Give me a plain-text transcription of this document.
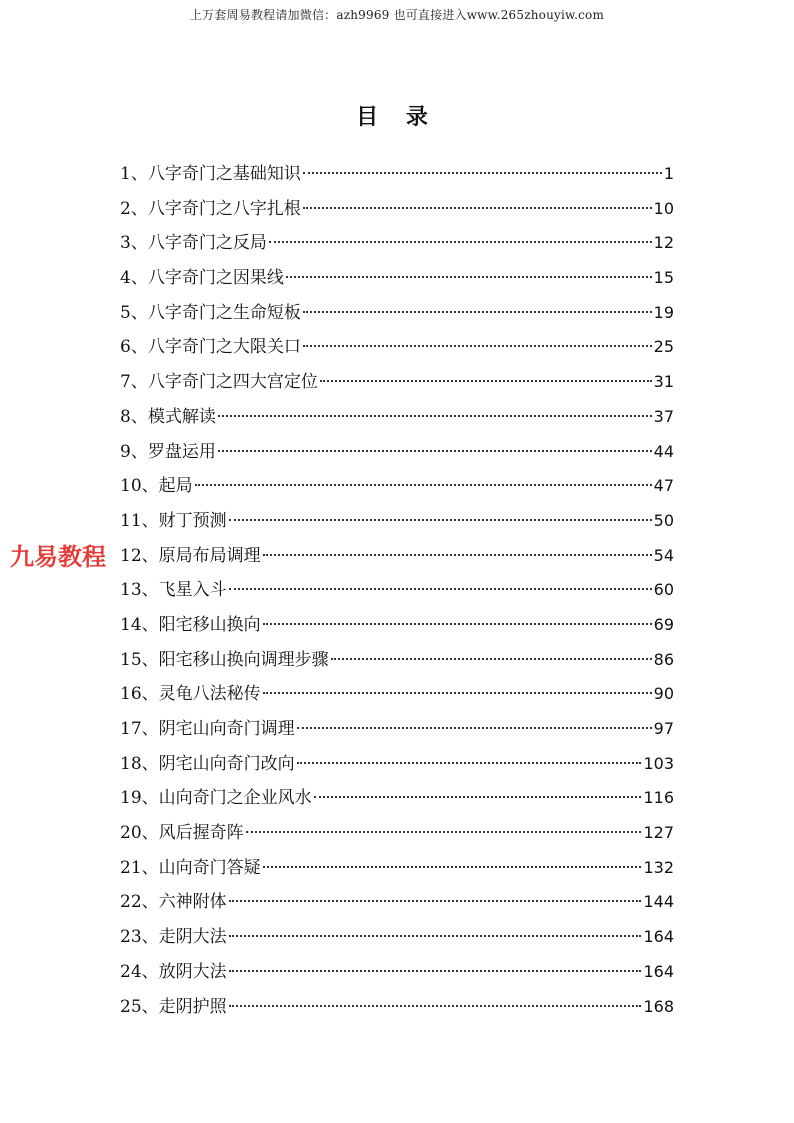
上万套周易教程请加微信：azh9969 也可直接进入www.265zhouyiw.com
目 录
1、八字奇门之基础知识	1
2、八字奇门之八字扎根	10
3、八字奇门之反局	12
4、八字奇门之因果线	15
5、八字奇门之生命短板	19
6、八字奇门之大限关口	25
7、八字奇门之四大宫定位	31
8、模式解读	37
9、罗盘运用	44
10、起局	47
11、财丁预测	50
12、原局布局调理	54
13、飞星入斗	60
14、阳宅移山换向	69
15、阳宅移山换向调理步骤	86
16、灵龟八法秘传	90
17、阴宅山向奇门调理	97
18、阴宅山向奇门改向	103
19、山向奇门之企业风水	116
20、风后握奇阵	127
21、山向奇门答疑	132
22、六神附体	144
23、走阴大法	164
24、放阴大法	164
25、走阴护照	168
九易教程
